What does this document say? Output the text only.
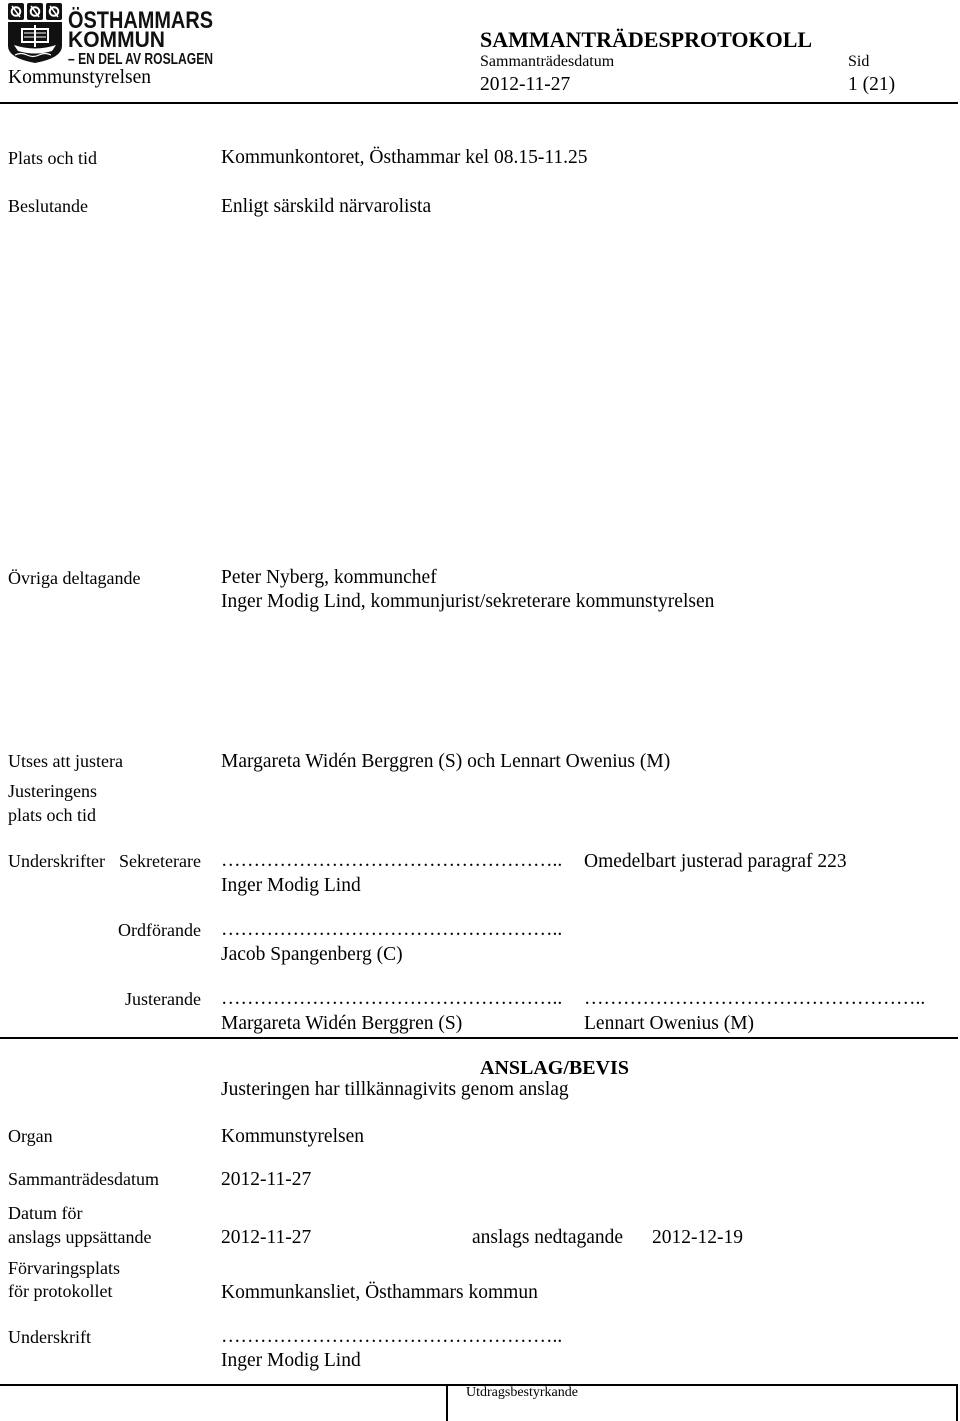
ÖSTHAMMARS
KOMMUN
– EN DEL AV ROSLAGEN
Kommunstyrelsen
SAMMANTRÄDESPROTOKOLL
Sammanträdesdatum	Sid
2012-11-27	1 (21)
Plats och tid	Kommunkontoret, Östhammar kel 08.15-11.25
Beslutande	Enligt särskild närvarolista
Övriga deltagande	Peter Nyberg, kommunchef
Inger Modig Lind, kommunjurist/sekreterare kommunstyrelsen
Utses att justera	Margareta Widén Berggren (S) och Lennart Owenius (M)
Justeringens
plats och tid
Underskrifter Sekreterare …………………………………………….. Omedelbart justerad paragraf 223
Inger Modig Lind
Ordförande ……………………………………………..
Jacob Spangenberg (C)
Justerande …………………………………………….. ……………………………………………..
Margareta Widén Berggren (S)	Lennart Owenius (M)
ANSLAG/BEVIS
Justeringen har tillkännagivits genom anslag
Organ	Kommunstyrelsen
Sammanträdesdatum	2012-11-27
Datum för
anslags uppsättande	2012-11-27	anslags nedtagande 2012-12-19
Förvaringsplats
för protokollet	Kommunkansliet, Östhammars kommun
Underskrift	……………………………………………..
Inger Modig Lind
Utdragsbestyrkande
